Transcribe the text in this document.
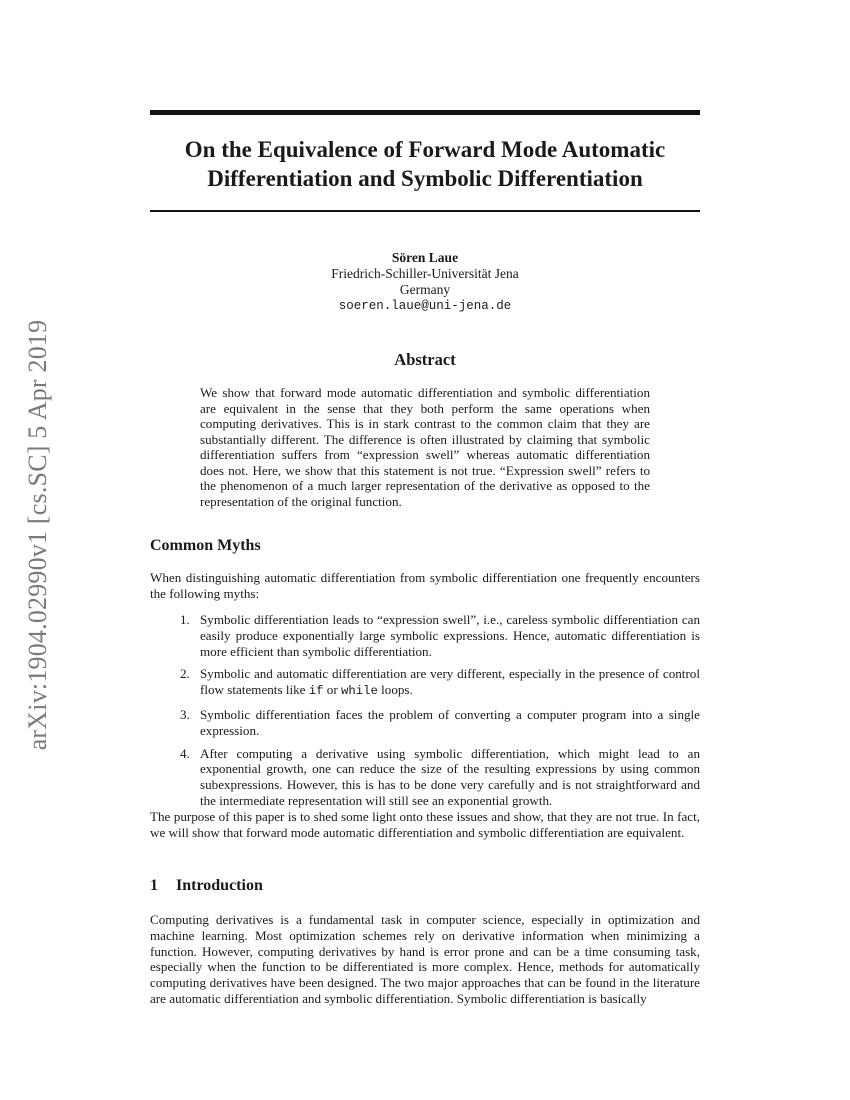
arXiv:1904.02990v1 [cs.SC] 5 Apr 2019
On the Equivalence of Forward Mode Automatic
Differentiation and Symbolic Differentiation
Sören Laue
Friedrich-Schiller-Universität Jena
Germany
soeren.laue@uni-jena.de
Abstract
We show that forward mode automatic differentiation and symbolic differentiation are equivalent in the sense that they both perform the same operations when computing derivatives. This is in stark contrast to the common claim that they are substantially different. The difference is often illustrated by claiming that symbolic differentiation suffers from “expression swell” whereas automatic differentiation does not. Here, we show that this statement is not true. “Expression swell” refers to the phenomenon of a much larger representation of the derivative as opposed to the representation of the original function.
Common Myths
When distinguishing automatic differentiation from symbolic differentiation one frequently encounters the following myths:
1. Symbolic differentiation leads to “expression swell”, i.e., careless symbolic differentiation can easily produce exponentially large symbolic expressions. Hence, automatic differentiation is more efficient than symbolic differentiation.
2. Symbolic and automatic differentiation are very different, especially in the presence of control flow statements like if or while loops.
3. Symbolic differentiation faces the problem of converting a computer program into a single expression.
4. After computing a derivative using symbolic differentiation, which might lead to an exponential growth, one can reduce the size of the resulting expressions by using common subexpressions. However, this is has to be done very carefully and is not straightforward and the intermediate representation will still see an exponential growth.
The purpose of this paper is to shed some light onto these issues and show, that they are not true. In fact, we will show that forward mode automatic differentiation and symbolic differentiation are equivalent.
1 Introduction
Computing derivatives is a fundamental task in computer science, especially in optimization and machine learning. Most optimization schemes rely on derivative information when minimizing a function. However, computing derivatives by hand is error prone and can be a time consuming task, especially when the function to be differentiated is more complex. Hence, methods for automatically computing derivatives have been designed. The two major approaches that can be found in the literature are automatic differentiation and symbolic differentiation. Symbolic differentiation is basically
